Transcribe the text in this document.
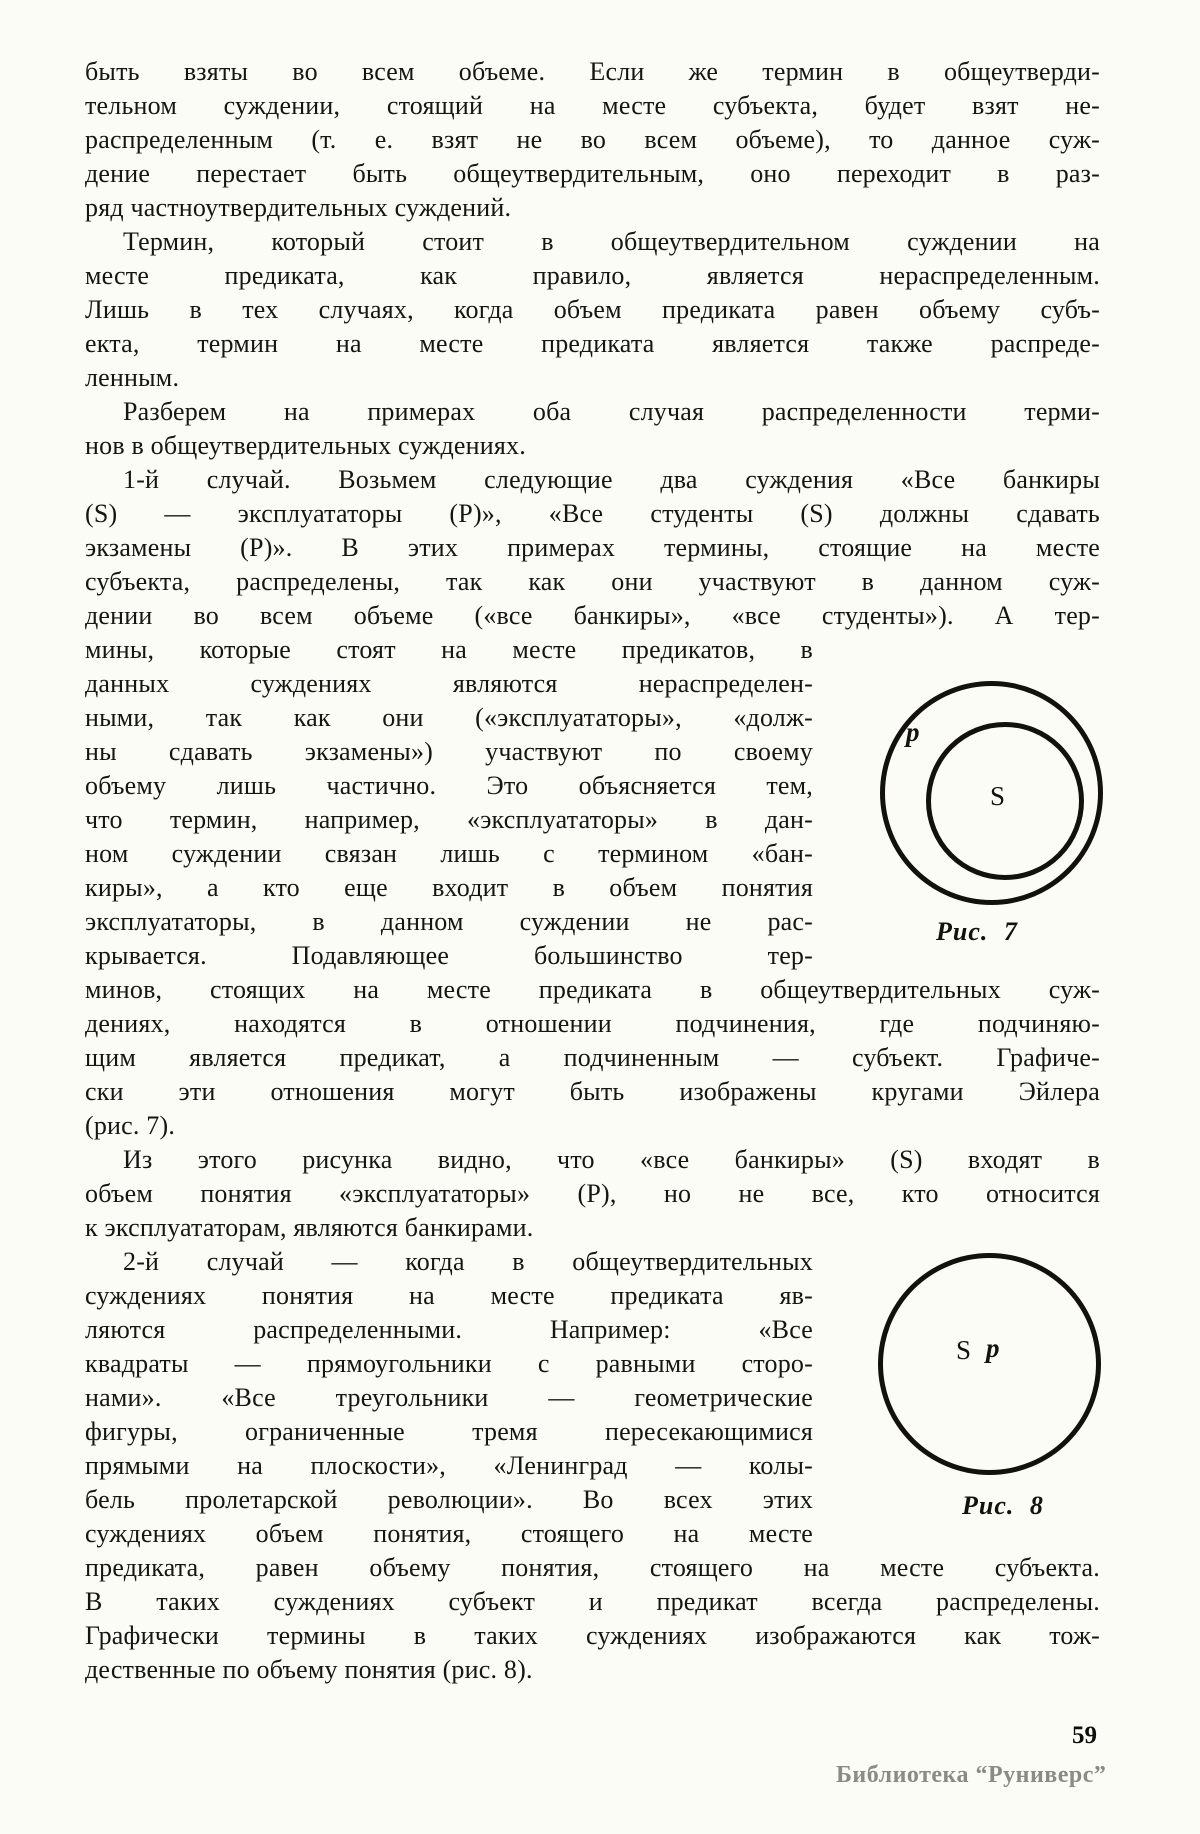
быть взяты во всем объеме. Если же термин в общеутверди-
тельном суждении, стоящий на месте субъекта, будет взят не-
распределенным (т. е. взят не во всем объеме), то данное суж-
дение перестает быть общеутвердительным, оно переходит в раз-
ряд частноутвердительных суждений.
Термин, который стоит в общеутвердительном суждении на
месте предиката, как правило, является нераспределенным.
Лишь в тех случаях, когда объем предиката равен объему субъ-
екта, термин на месте предиката является также распреде-
ленным.
Разберем на примерах оба случая распределенности терми-
нов в общеутвердительных суждениях.
1-й случай. Возьмем следующие два суждения «Все банкиры
(S) — эксплуататоры (P)», «Все студенты (S) должны сдавать
экзамены (P)». В этих примерах термины, стоящие на месте
субъекта, распределены, так как они участвуют в данном суж-
дении во всем объеме («все банкиры», «все студенты»). А тер-
мины, которые стоят на месте предикатов, в
данных суждениях являются нераспределен-
ными, так как они («эксплуататоры», «долж-
ны сдавать экзамены») участвуют по своему
объему лишь частично. Это объясняется тем,
что термин, например, «эксплуататоры» в дан-
ном суждении связан лишь с термином «бан-
киры», а кто еще входит в объем понятия
эксплуататоры, в данном суждении не рас-
крывается. Подавляющее большинство тер-
минов, стоящих на месте предиката в общеутвердительных суж-
дениях, находятся в отношении подчинения, где подчиняю-
щим является предикат, а подчиненным — субъект. Графиче-
ски эти отношения могут быть изображены кругами Эйлера
(рис. 7).
Из этого рисунка видно, что «все банкиры» (S) входят в
объем понятия «эксплуататоры» (P), но не все, кто относится
к эксплуататорам, являются банкирами.
2-й случай — когда в общеутвердительных
суждениях понятия на месте предиката яв-
ляются распределенными. Например: «Все
квадраты — прямоугольники с равными сторо-
нами». «Все треугольники — геометрические
фигуры, ограниченные тремя пересекающимися
прямыми на плоскости», «Ленинград — колы-
бель пролетарской революции». Во всех этих
суждениях объем понятия, стоящего на месте
предиката, равен объему понятия, стоящего на месте субъекта.
В таких суждениях субъект и предикат всегда распределены.
Графически термины в таких суждениях изображаются как тож-
дественные по объему понятия (рис. 8).
p
S
Рис. 7
S p
Рис. 8
59
Библиотека “Руниверс”
